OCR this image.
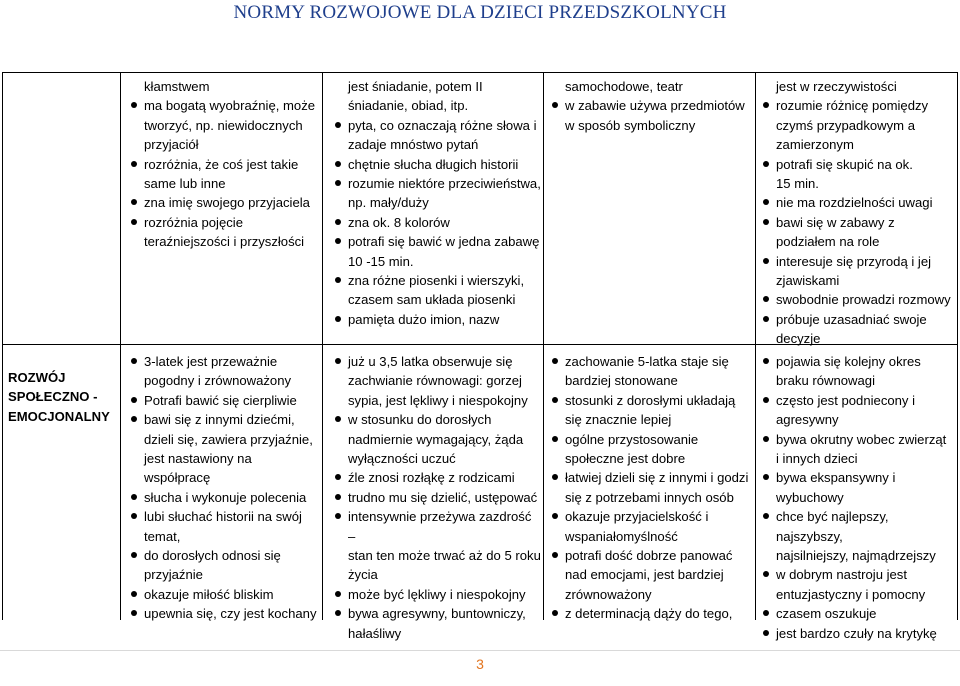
NORMY ROZWOJOWE DLA DZIECI PRZEDSZKOLNYCH
ROZWÓJ
SPOŁECZNO -
EMOCJONALNY
kłamstwem
ma bogatą wyobraźnię, może
tworzyć, np. niewidocznych
przyjaciół
rozróżnia, że coś jest takie
same lub inne
zna imię swojego przyjaciela
rozróżnia pojęcie
teraźniejszości i przyszłości
jest śniadanie, potem II
śniadanie, obiad, itp.
pyta, co oznaczają różne słowa i
zadaje mnóstwo pytań
chętnie słucha długich historii
rozumie niektóre przeciwieństwa,
np. mały/duży
zna ok. 8 kolorów
potrafi się bawić w jedna zabawę
10 -15 min.
zna różne piosenki i wierszyki,
czasem sam układa piosenki
pamięta dużo imion, nazw
samochodowe, teatr
w zabawie używa przedmiotów
w sposób symboliczny
jest w rzeczywistości
rozumie różnicę pomiędzy
czymś przypadkowym a
zamierzonym
potrafi się skupić na ok.
15 min.
nie ma rozdzielności uwagi
bawi się w zabawy z
podziałem na role
interesuje się przyrodą i jej
zjawiskami
swobodnie prowadzi rozmowy
próbuje uzasadniać swoje
decyzje
3-latek jest przeważnie
pogodny i zrównoważony
Potrafi bawić się cierpliwie
bawi się z innymi dziećmi,
dzieli się, zawiera przyjaźnie,
jest nastawiony na
współpracę
słucha i wykonuje polecenia
lubi słuchać historii na swój
temat,
do dorosłych odnosi się
przyjaźnie
okazuje miłość bliskim
upewnia się, czy jest kochany
już u 3,5 latka obserwuje się
zachwianie równowagi: gorzej
sypia, jest lękliwy i niespokojny
w stosunku do dorosłych
nadmiernie wymagający, żąda
wyłączności uczuć
źle znosi rozłąkę z rodzicami
trudno mu się dzielić, ustępować
intensywnie przeżywa zazdrość –
stan ten może trwać aż do 5 roku
życia
może być lękliwy i niespokojny
bywa agresywny, buntowniczy,
hałaśliwy
zachowanie 5-latka staje się
bardziej stonowane
stosunki z dorosłymi układają
się znacznie lepiej
ogólne przystosowanie
społeczne jest dobre
łatwiej dzieli się z innymi i godzi
się z potrzebami innych osób
okazuje przyjacielskość i
wspaniałomyślność
potrafi dość dobrze panować
nad emocjami, jest bardziej
zrównoważony
z determinacją dąży do tego,
pojawia się kolejny okres
braku równowagi
często jest podniecony i
agresywny
bywa okrutny wobec zwierząt
i innych dzieci
bywa ekspansywny i
wybuchowy
chce być najlepszy, najszybszy,
najsilniejszy, najmądrzejszy
w dobrym nastroju jest
entuzjastyczny i pomocny
czasem oszukuje
jest bardzo czuły na krytykę
3
